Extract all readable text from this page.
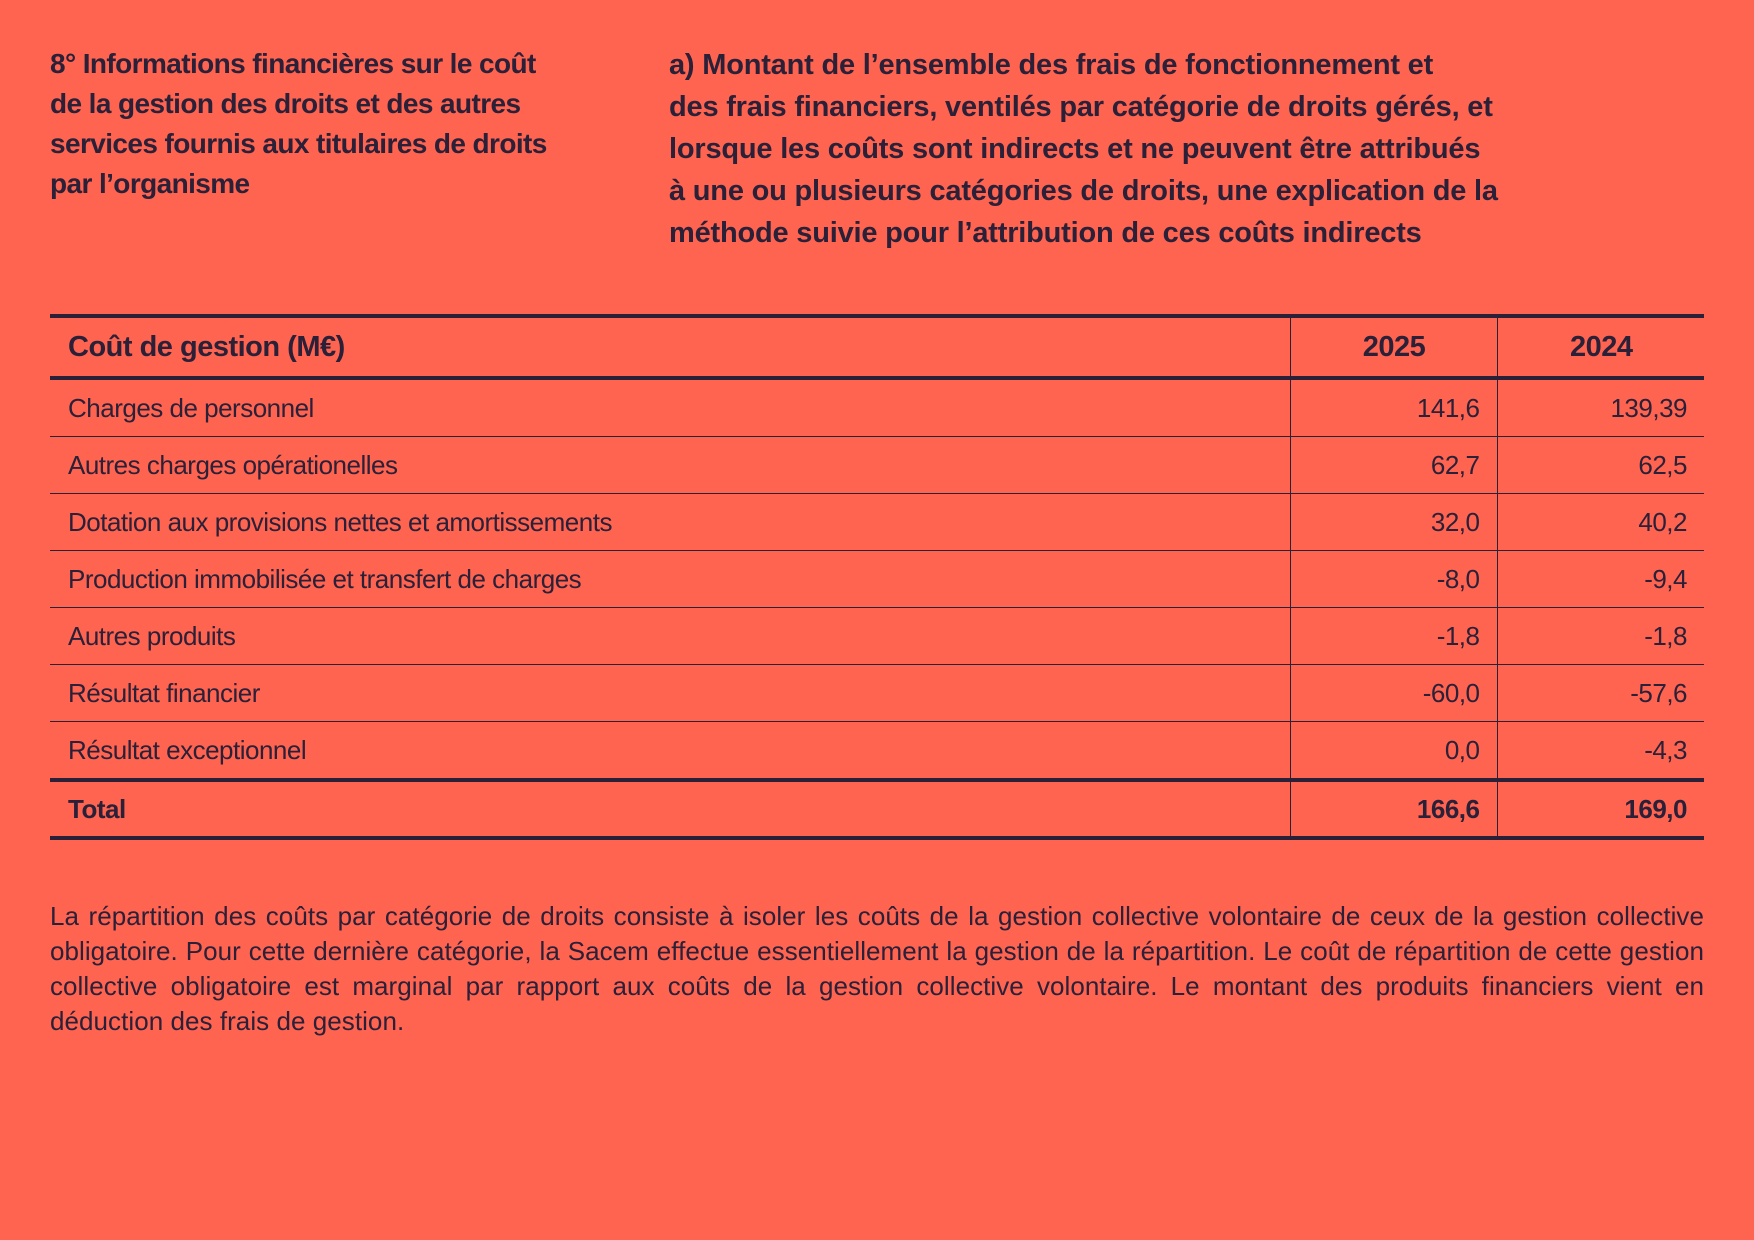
8° Informations financières sur le coût
de la gestion des droits et des autres
services fournis aux titulaires de droits
par l’organisme
a) Montant de l’ensemble des frais de fonctionnement et
des frais financiers, ventilés par catégorie de droits gérés, et
lorsque les coûts sont indirects et ne peuvent être attribués
à une ou plusieurs catégories de droits, une explication de la
méthode suivie pour l’attribution de ces coûts indirects
Coût de gestion (M€)	2025	2024
Charges de personnel	141,6	139,39
Autres charges opérationelles	62,7	62,5
Dotation aux provisions nettes et amortissements	32,0	40,2
Production immobilisée et transfert de charges	-8,0	-9,4
Autres produits	-1,8	-1,8
Résultat financier	-60,0	-57,6
Résultat exceptionnel	0,0	-4,3
Total	166,6	169,0

La répartition des coûts par catégorie de droits consiste à isoler les coûts de la gestion collective volontaire de ceux de la gestion collective obligatoire. Pour cette dernière catégorie, la Sacem effectue essentiellement la gestion de la répartition. Le coût de répartition de cette gestion collective obligatoire est marginal par rapport aux coûts de la gestion collective volontaire. Le montant des produits financiers vient en déduction des frais de gestion.
